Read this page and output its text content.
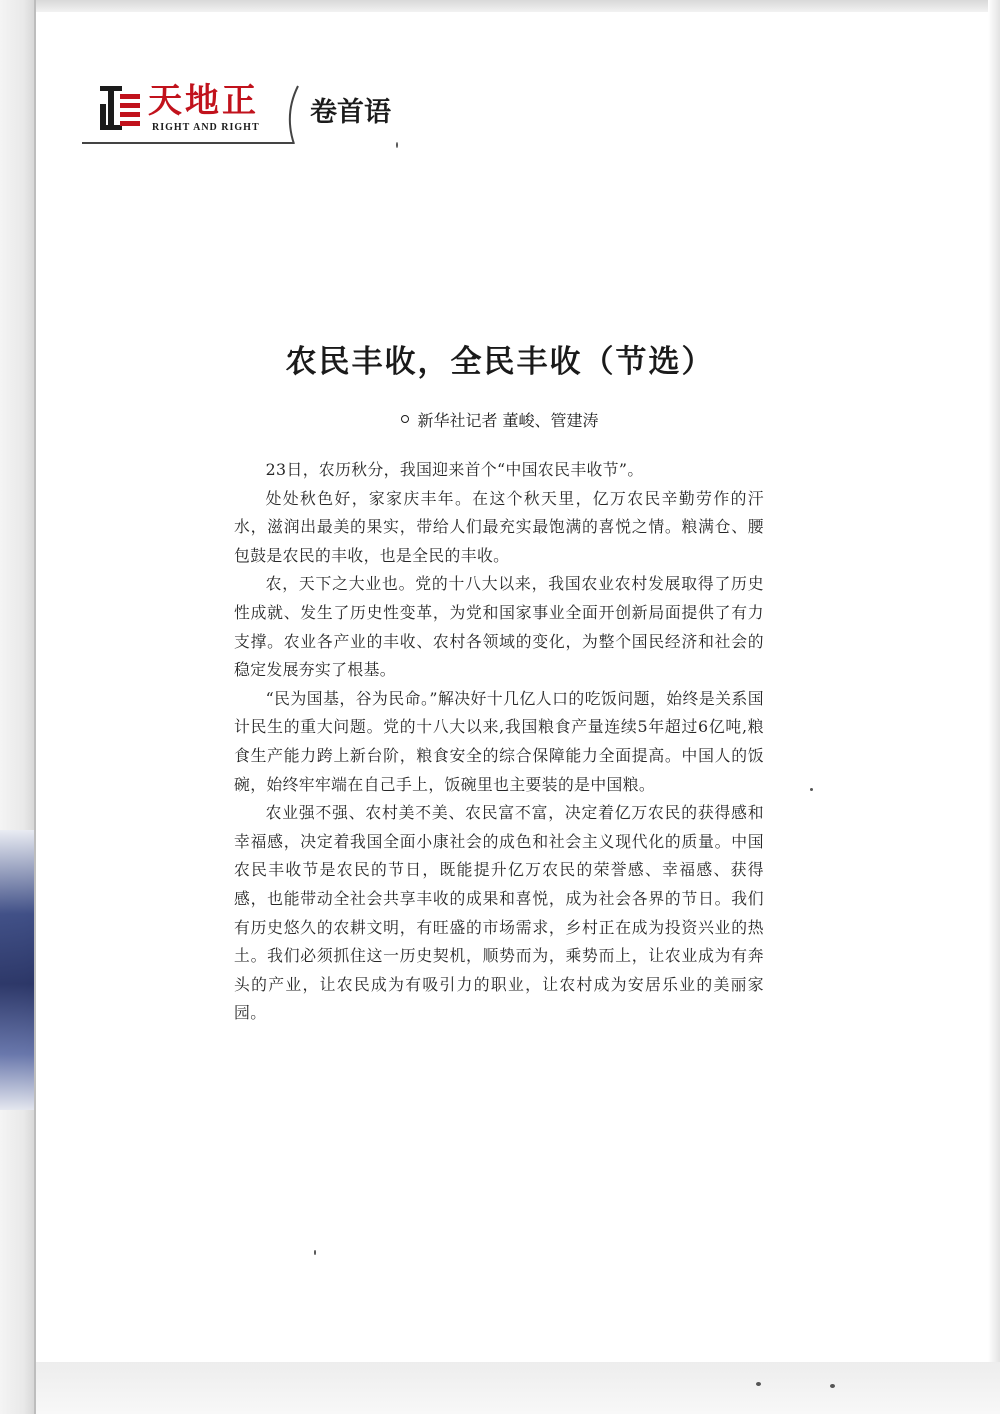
天地正
RIGHT AND RIGHT 卷首语
农民丰收，全民丰收（节选）
新华社记者 董峻、管建涛

23日，农历秋分，我国迎来首个“中国农民丰收节”。

处处秋色好，家家庆丰年。在这个秋天里，亿万农民辛勤劳作的汗水，滋润出最美的果实，带给人们最充实最饱满的喜悦之情。粮满仓、腰包鼓是农民的丰收，也是全民的丰收。

农，天下之大业也。党的十八大以来，我国农业农村发展取得了历史性成就、发生了历史性变革，为党和国家事业全面开创新局面提供了有力支撑。农业各产业的丰收、农村各领域的变化，为整个国民经济和社会的稳定发展夯实了根基。

“民为国基，谷为民命。”解决好十几亿人口的吃饭问题，始终是关系国计民生的重大问题。党的十八大以来,我国粮食产量连续5年超过6亿吨,粮食生产能力跨上新台阶，粮食安全的综合保障能力全面提高。中国人的饭碗，始终牢牢端在自己手上，饭碗里也主要装的是中国粮。

农业强不强、农村美不美、农民富不富，决定着亿万农民的获得感和幸福感，决定着我国全面小康社会的成色和社会主义现代化的质量。中国农民丰收节是农民的节日，既能提升亿万农民的荣誉感、幸福感、获得感，也能带动全社会共享丰收的成果和喜悦，成为社会各界的节日。我们有历史悠久的农耕文明，有旺盛的市场需求，乡村正在成为投资兴业的热土。我们必须抓住这一历史契机，顺势而为，乘势而上，让农业成为有奔头的产业，让农民成为有吸引力的职业，让农村成为安居乐业的美丽家园。
